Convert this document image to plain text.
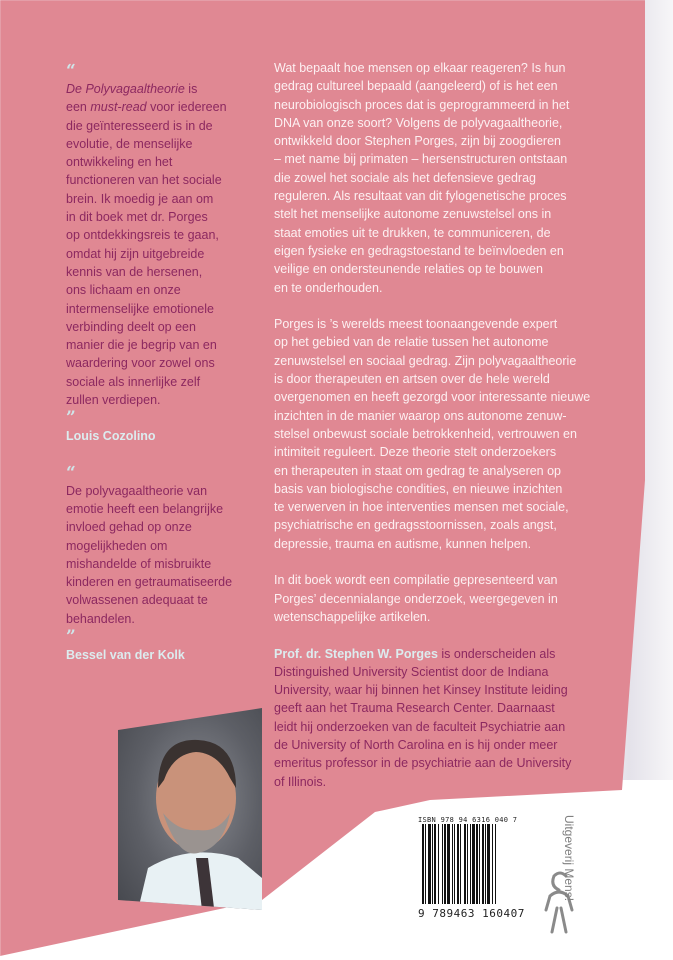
“
De Polyvagaaltheorie is
een must-read voor iedereen
die geïnteresseerd is in de
evolutie, de menselijke
ontwikkeling en het
functioneren van het sociale
brein. Ik moedig je aan om
in dit boek met dr. Porges
op ontdekkingsreis te gaan,
omdat hij zijn uitgebreide
kennis van de hersenen,
ons lichaam en onze
intermenselijke emotionele
verbinding deelt op een
manier die je begrip van en
waardering voor zowel ons
sociale als innerlijke zelf
zullen verdiepen.
”
Louis Cozolino
“
De polyvagaaltheorie van
emotie heeft een belangrijke
invloed gehad op onze
mogelijkheden om
mishandelde of misbruikte
kinderen en getraumatiseerde
volwassenen adequaat te
behandelen.
”
Bessel van der Kolk
Wat bepaalt hoe mensen op elkaar reageren? Is hun
gedrag cultureel bepaald (aangeleerd) of is het een
neurobiologisch proces dat is geprogrammeerd in het
DNA van onze soort? Volgens de polyvagaaltheorie,
ontwikkeld door Stephen Porges, zijn bij zoogdieren
– met name bij primaten – hersenstructuren ontstaan
die zowel het sociale als het defensieve gedrag
reguleren. Als resultaat van dit fylogenetische proces
stelt het menselijke autonome zenuwstelsel ons in
staat emoties uit te drukken, te communiceren, de
eigen fysieke en gedragstoestand te beïnvloeden en
veilige en ondersteunende relaties op te bouwen
en te onderhouden.
Porges is ’s werelds meest toonaangevende expert
op het gebied van de relatie tussen het autonome
zenuwstelsel en sociaal gedrag. Zijn polyvagaaltheorie
is door therapeuten en artsen over de hele wereld
overgenomen en heeft gezorgd voor interessante nieuwe
inzichten in de manier waarop ons autonome zenuw-
stelsel onbewust sociale betrokkenheid, vertrouwen en
intimiteit reguleert. Deze theorie stelt onderzoekers
en therapeuten in staat om gedrag te analyseren op
basis van biologische condities, en nieuwe inzichten
te verwerven in hoe interventies mensen met sociale,
psychiatrische en gedragsstoornissen, zoals angst,
depressie, trauma en autisme, kunnen helpen.
In dit boek wordt een compilatie gepresenteerd van
Porges’ decennialange onderzoek, weergegeven in
wetenschappelijke artikelen.
Prof. dr. Stephen W. Porges is onderscheiden als
Distinguished University Scientist door de Indiana
University, waar hij binnen het Kinsey Institute leiding
geeft aan het Trauma Research Center. Daarnaast
leidt hij onderzoeken van de faculteit Psychiatrie aan
de University of North Carolina en is hij onder meer
emeritus professor in de psychiatrie aan de University
of Illinois.
ISBN 978 94 6316 040 7
9 789463 160407
Uitgeverij Mens!
